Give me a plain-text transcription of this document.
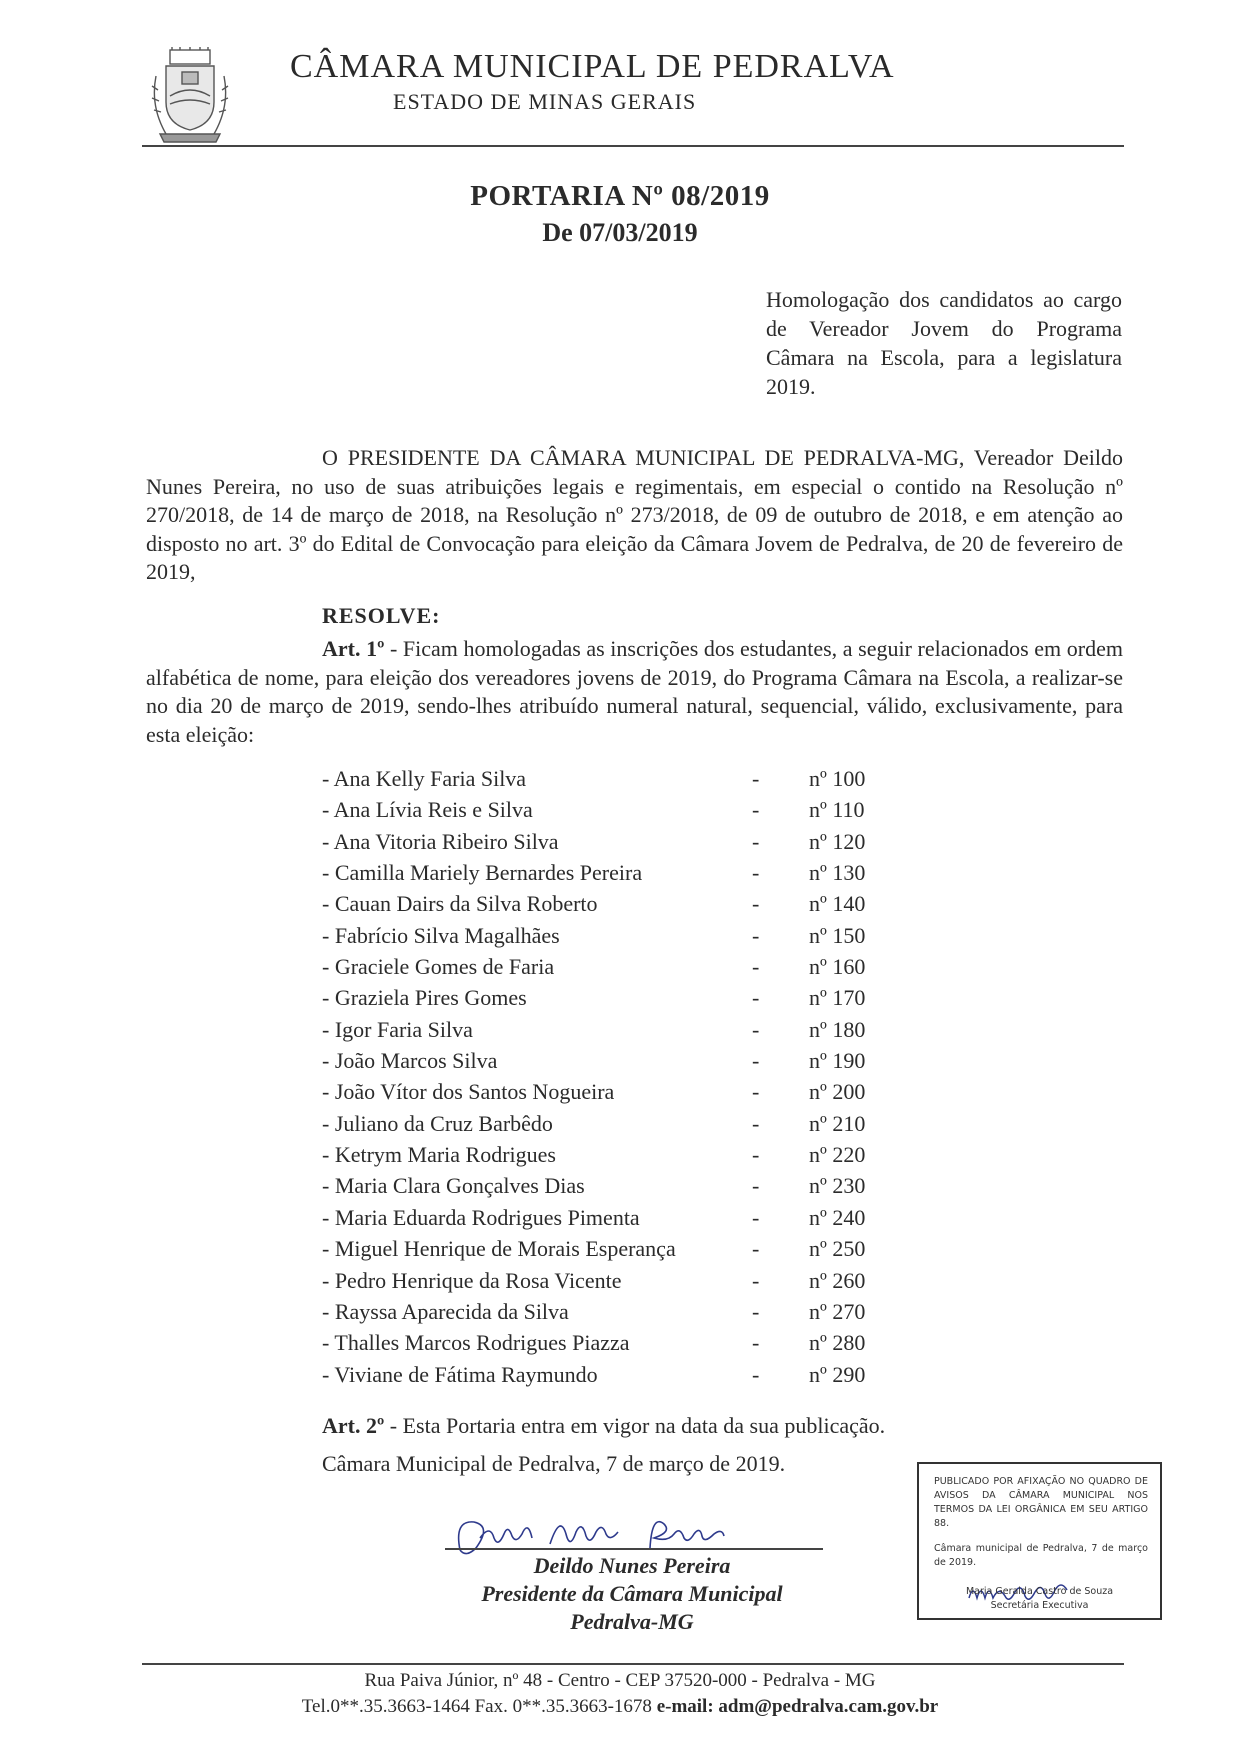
CÂMARA MUNICIPAL DE PEDRALVA
ESTADO DE MINAS GERAIS
PORTARIA Nº 08/2019
De 07/03/2019
Homologação dos candidatos ao cargo de Vereador Jovem do Programa Câmara na Escola, para a legislatura 2019.
O PRESIDENTE DA CÂMARA MUNICIPAL DE PEDRALVA-MG, Vereador Deildo Nunes Pereira, no uso de suas atribuições legais e regimentais, em especial o contido na Resolução nº 270/2018, de 14 de março de 2018, na Resolução nº 273/2018, de 09 de outubro de 2018, e em atenção ao disposto no art. 3º do Edital de Convocação para eleição da Câmara Jovem de Pedralva, de 20 de fevereiro de 2019,
RESOLVE:
Art. 1º - Ficam homologadas as inscrições dos estudantes, a seguir relacionados em ordem alfabética de nome, para eleição dos vereadores jovens de 2019, do Programa Câmara na Escola, a realizar-se no dia 20 de março de 2019, sendo-lhes atribuído numeral natural, sequencial, válido, exclusivamente, para esta eleição:
- Ana Kelly Faria Silva	- nº 100
- Ana Lívia Reis e Silva	- nº 110
- Ana Vitoria Ribeiro Silva	- nº 120
- Camilla Mariely Bernardes Pereira	- nº 130
- Cauan Dairs da Silva Roberto	- nº 140
- Fabrício Silva Magalhães	- nº 150
- Graciele Gomes de Faria	- nº 160
- Graziela Pires Gomes	- nº 170
- Igor Faria Silva	- nº 180
- João Marcos Silva	- nº 190
- João Vítor dos Santos Nogueira	- nº 200
- Juliano da Cruz Barbêdo	- nº 210
- Ketrym Maria Rodrigues	- nº 220
- Maria Clara Gonçalves Dias	- nº 230
- Maria Eduarda Rodrigues Pimenta	- nº 240
- Miguel Henrique de Morais Esperança	- nº 250
- Pedro Henrique da Rosa Vicente	- nº 260
- Rayssa Aparecida da Silva	- nº 270
- Thalles Marcos Rodrigues Piazza	- nº 280
- Viviane de Fátima Raymundo	- nº 290
Art. 2º - Esta Portaria entra em vigor na data da sua publicação.
Câmara Municipal de Pedralva, 7 de março de 2019.
Deildo Nunes Pereira
Presidente da Câmara Municipal
Pedralva-MG
PUBLICADO POR AFIXAÇÃO NO QUADRO DE AVISOS DA CÂMARA MUNICIPAL NOS TERMOS DA LEI ORGÂNICA EM SEU ARTIGO 88.
Câmara municipal de Pedralva, 7 de março de 2019.
Maria Geralda Castro de Souza
Secretária Executiva
Rua Paiva Júnior, nº 48 - Centro - CEP 37520-000 - Pedralva - MG
Tel.0**.35.3663-1464 Fax. 0**.35.3663-1678 e-mail: adm@pedralva.cam.gov.br
